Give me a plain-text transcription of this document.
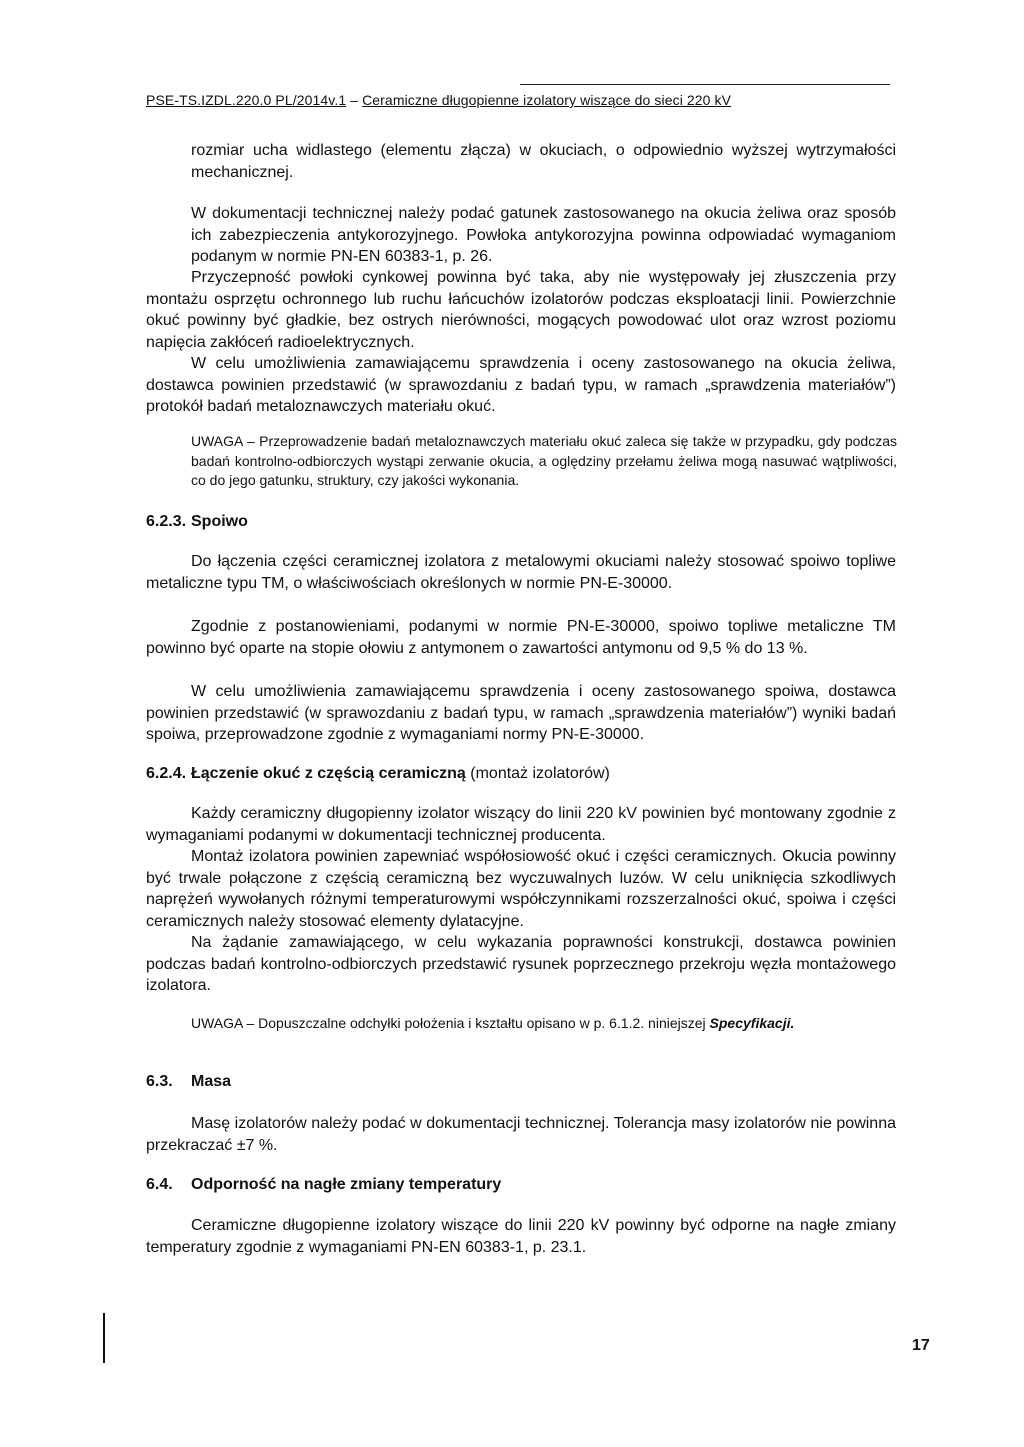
PSE-TS.IZDL.220.0 PL/2014v.1 – Ceramiczne długopienne izolatory wiszące do sieci 220 kV

rozmiar ucha widlastego (elementu złącza) w okuciach, o odpowiednio wyższej wytrzymałości mechanicznej.

W dokumentacji technicznej należy podać gatunek zastosowanego na okucia żeliwa oraz sposób ich zabezpieczenia antykorozyjnego. Powłoka antykorozyjna powinna odpowiadać wymaganiom podanym w normie PN-EN 60383-1, p. 26.

Przyczepność powłoki cynkowej powinna być taka, aby nie występowały jej złuszczenia przy montażu osprzętu ochronnego lub ruchu łańcuchów izolatorów podczas eksploatacji linii. Powierzchnie okuć powinny być gładkie, bez ostrych nierówności, mogących powodować ulot oraz wzrost poziomu napięcia zakłóceń radioelektrycznych.

W celu umożliwienia zamawiającemu sprawdzenia i oceny zastosowanego na okucia żeliwa, dostawca powinien przedstawić (w sprawozdaniu z badań typu, w ramach „sprawdzenia materiałów”) protokół badań metaloznawczych materiału okuć.

UWAGA – Przeprowadzenie badań metaloznawczych materiału okuć zaleca się także w przypadku, gdy podczas badań kontrolno-odbiorczych wystąpi zerwanie okucia, a oględziny przełamu żeliwa mogą nasuwać wątpliwości, co do jego gatunku, struktury, czy jakości wykonania.

6.2.3. Spoiwo

Do łączenia części ceramicznej izolatora z metalowymi okuciami należy stosować spoiwo topliwe metaliczne typu TM, o właściwościach określonych w normie PN-E-30000.

Zgodnie z postanowieniami, podanymi w normie PN-E-30000, spoiwo topliwe metaliczne TM powinno być oparte na stopie ołowiu z antymonem o zawartości antymonu od 9,5 % do 13 %.

W celu umożliwienia zamawiającemu sprawdzenia i oceny zastosowanego spoiwa, dostawca powinien przedstawić (w sprawozdaniu z badań typu, w ramach „sprawdzenia materiałów”) wyniki badań spoiwa, przeprowadzone zgodnie z wymaganiami normy PN-E-30000.

6.2.4. Łączenie okuć z częścią ceramiczną (montaż izolatorów)

Każdy ceramiczny długopienny izolator wiszący do linii 220 kV powinien być montowany zgodnie z wymaganiami podanymi w dokumentacji technicznej producenta.

Montaż izolatora powinien zapewniać współosiowość okuć i części ceramicznych. Okucia powinny być trwale połączone z częścią ceramiczną bez wyczuwalnych luzów. W celu uniknięcia szkodliwych naprężeń wywołanych różnymi temperaturowymi współczynnikami rozszerzalności okuć, spoiwa i części ceramicznych należy stosować elementy dylatacyjne.

Na żądanie zamawiającego, w celu wykazania poprawności konstrukcji, dostawca powinien podczas badań kontrolno-odbiorczych przedstawić rysunek poprzecznego przekroju węzła montażowego izolatora.

UWAGA – Dopuszczalne odchyłki położenia i kształtu opisano w p. 6.1.2. niniejszej Specyfikacji.

6.3. Masa

Masę izolatorów należy podać w dokumentacji technicznej. Tolerancja masy izolatorów nie powinna przekraczać ±7 %.

6.4. Odporność na nagłe zmiany temperatury

Ceramiczne długopienne izolatory wiszące do linii 220 kV powinny być odporne na nagłe zmiany temperatury zgodnie z wymaganiami PN-EN 60383-1, p. 23.1.

17
